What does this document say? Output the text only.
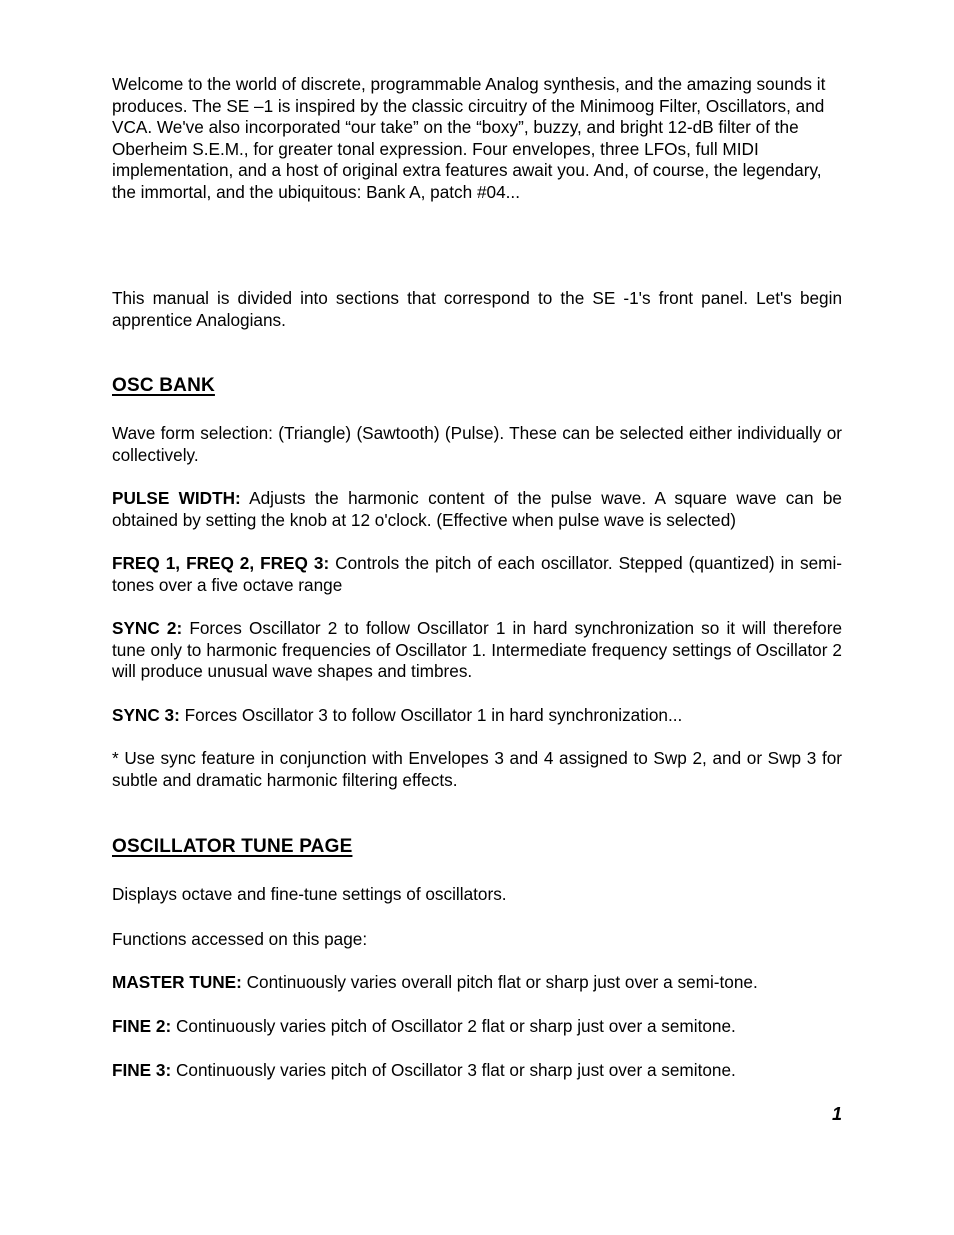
Welcome to the world of discrete, programmable Analog synthesis, and the amazing sounds it produces. The SE –1 is inspired by the classic circuitry of the Minimoog Filter, Oscillators, and VCA. We've also incorporated “our take” on the “boxy”, buzzy, and bright 12-dB filter of the Oberheim S.E.M., for greater tonal expression. Four envelopes, three LFOs, full MIDI implementation, and a host of original extra features await you. And, of course, the legendary, the immortal, and the ubiquitous: Bank A, patch #04...

This manual is divided into sections that correspond to the SE -1's front panel. Let's begin apprentice Analogians.

OSC BANK

Wave form selection: (Triangle) (Sawtooth) (Pulse). These can be selected either individually or collectively.

PULSE WIDTH: Adjusts the harmonic content of the pulse wave. A square wave can be obtained by setting the knob at 12 o'clock. (Effective when pulse wave is selected)

FREQ 1, FREQ 2, FREQ 3: Controls the pitch of each oscillator. Stepped (quantized) in semi-tones over a five octave range

SYNC 2: Forces Oscillator 2 to follow Oscillator 1 in hard synchronization so it will therefore tune only to harmonic frequencies of Oscillator 1. Intermediate frequency settings of Oscillator 2 will produce unusual wave shapes and timbres.

SYNC 3: Forces Oscillator 3 to follow Oscillator 1 in hard synchronization...

* Use sync feature in conjunction with Envelopes 3 and 4 assigned to Swp 2, and or Swp 3 for subtle and dramatic harmonic filtering effects.

OSCILLATOR TUNE PAGE

Displays octave and fine-tune settings of oscillators.

Functions accessed on this page:

MASTER TUNE: Continuously varies overall pitch flat or sharp just over a semi-tone.

FINE 2: Continuously varies pitch of Oscillator 2 flat or sharp just over a semitone.

FINE 3: Continuously varies pitch of Oscillator 3 flat or sharp just over a semitone.

1
